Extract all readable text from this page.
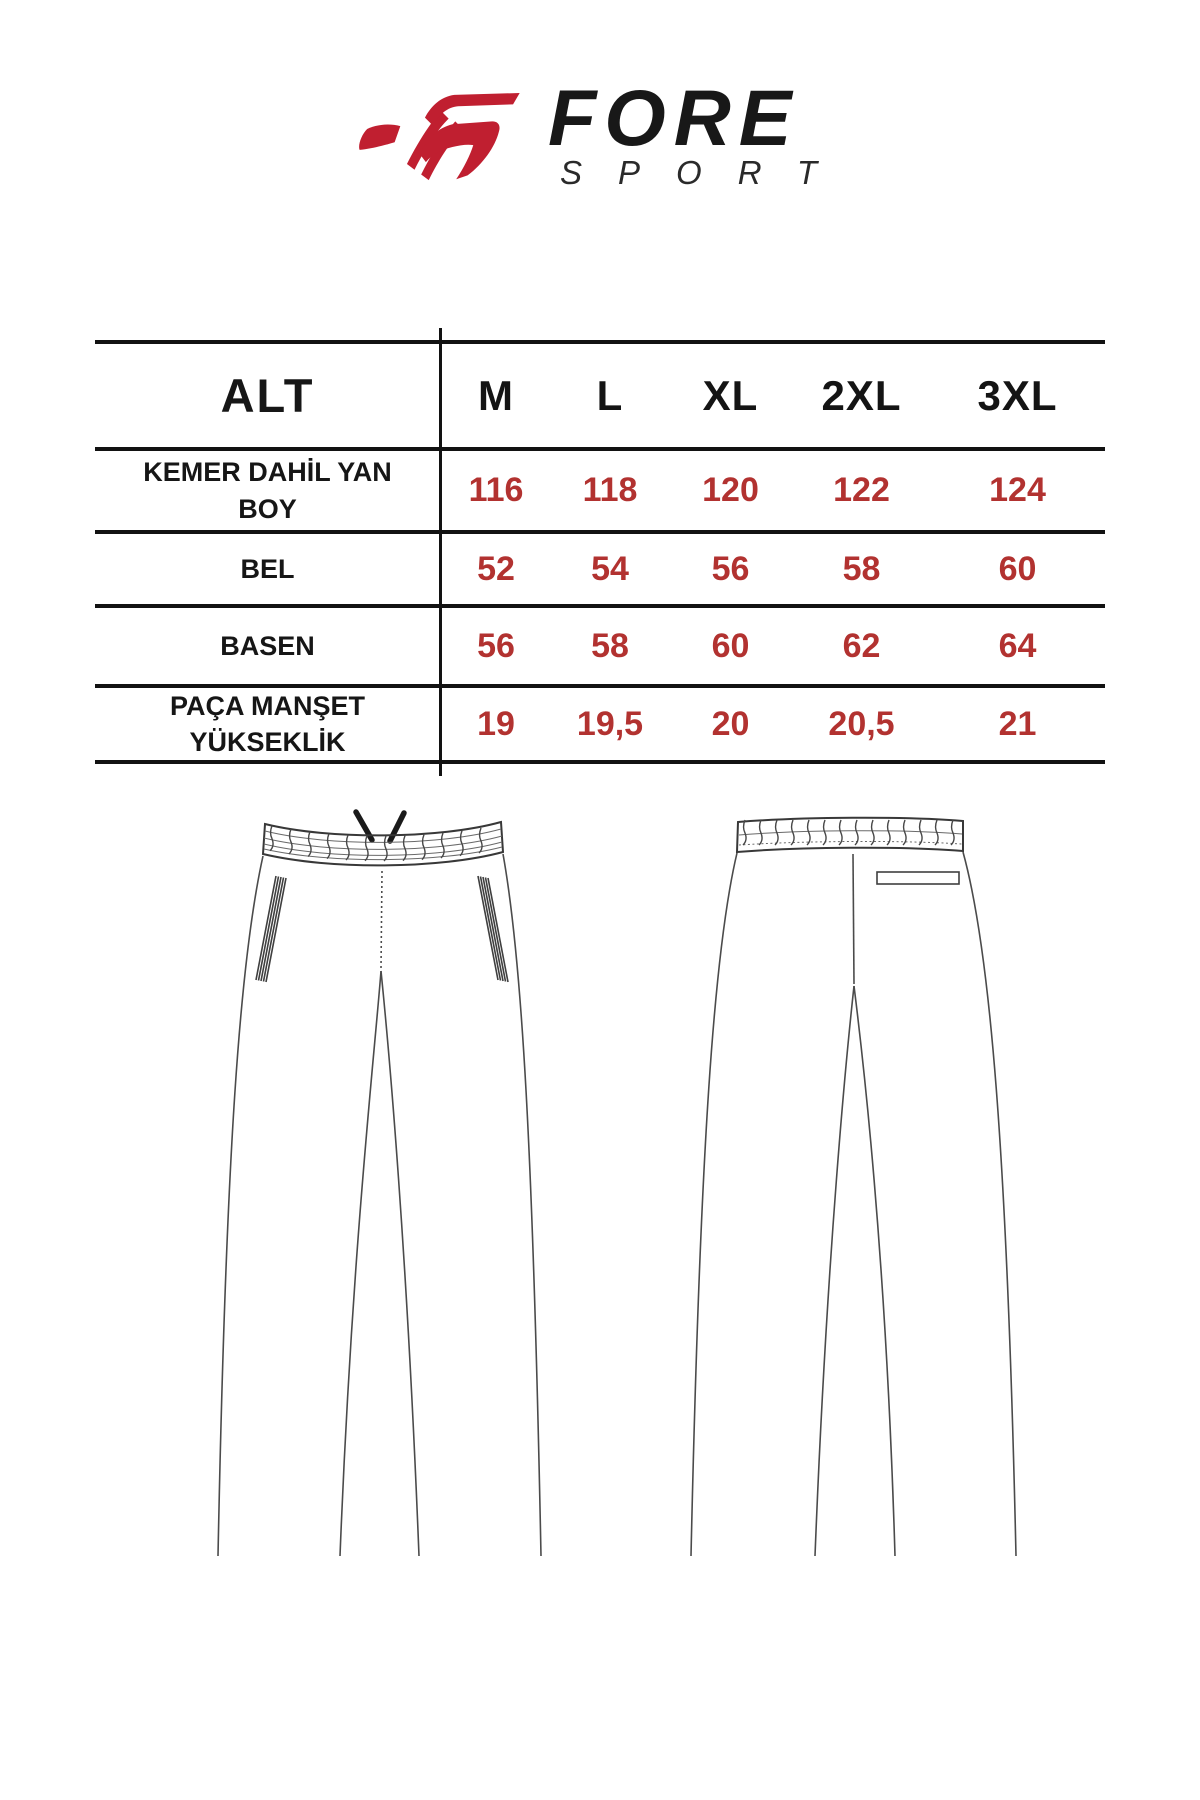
FORE
SPORT
ALT	M	L	XL	2XL	3XL
KEMER DAHİL YAN BOY	116	118	120	122	124
BEL	52	54	56	58	60
BASEN	56	58	60	62	64
PAÇA MANŞET YÜKSEKLİK	19	19,5	20	20,5	21
